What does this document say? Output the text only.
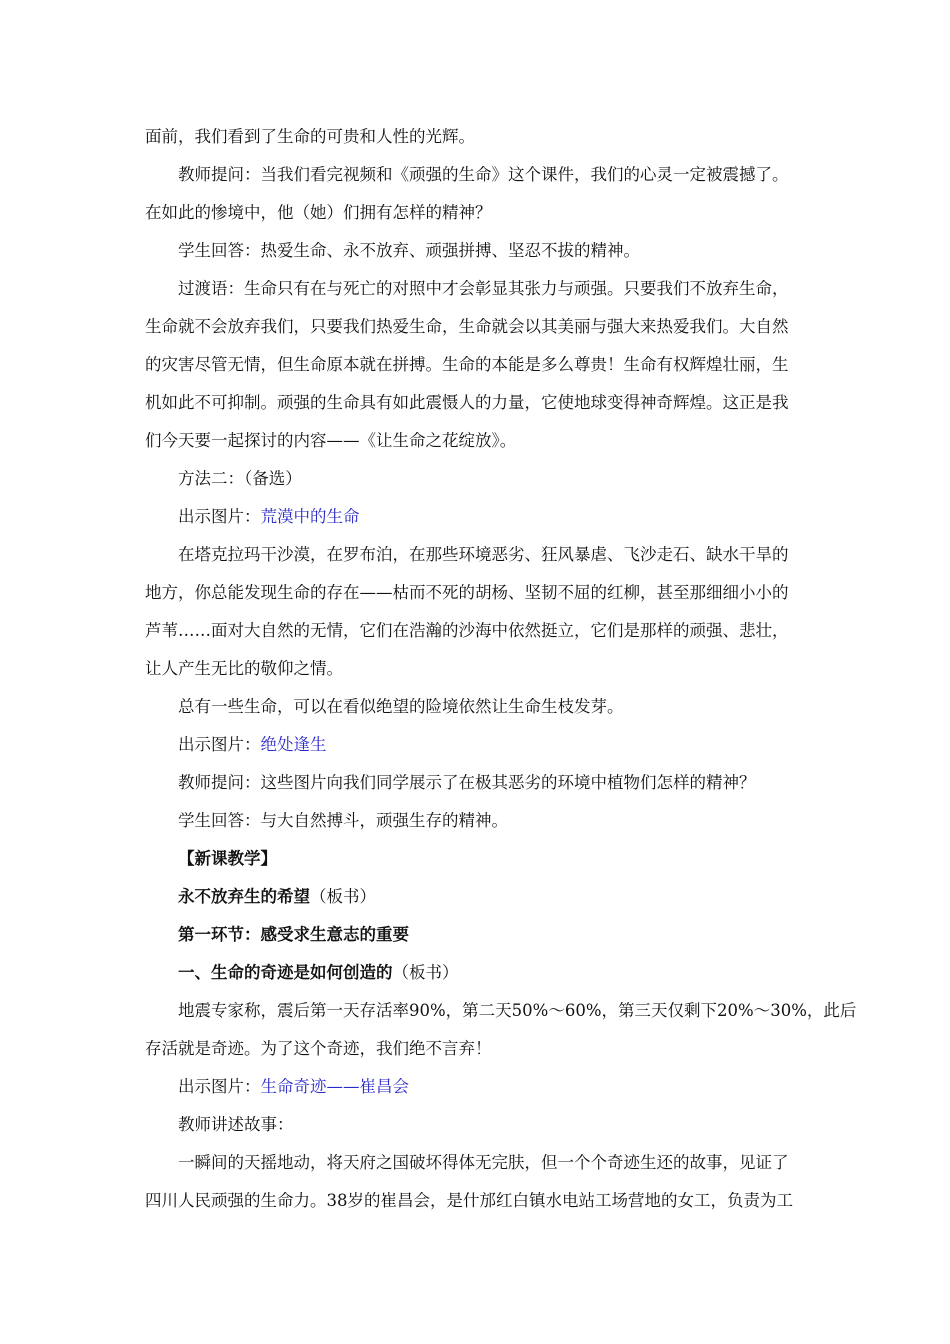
面前，我们看到了生命的可贵和人性的光辉。
教师提问：当我们看完视频和《顽强的生命》这个课件，我们的心灵一定被震撼了。
在如此的惨境中，他（她）们拥有怎样的精神？
学生回答：热爱生命、永不放弃、顽强拼搏、坚忍不拔的精神。
过渡语：生命只有在与死亡的对照中才会彰显其张力与顽强。只要我们不放弃生命，
生命就不会放弃我们，只要我们热爱生命，生命就会以其美丽与强大来热爱我们。大自然
的灾害尽管无情，但生命原本就在拼搏。生命的本能是多么尊贵！生命有权辉煌壮丽，生
机如此不可抑制。顽强的生命具有如此震慑人的力量，它使地球变得神奇辉煌。这正是我
们今天要一起探讨的内容——《让生命之花绽放》。
方法二：（备选）
出示图片：荒漠中的生命
在塔克拉玛干沙漠，在罗布泊，在那些环境恶劣、狂风暴虐、飞沙走石、缺水干旱的
地方，你总能发现生命的存在——枯而不死的胡杨、坚韧不屈的红柳，甚至那细细小小的
芦苇……面对大自然的无情，它们在浩瀚的沙海中依然挺立，它们是那样的顽强、悲壮，
让人产生无比的敬仰之情。
总有一些生命，可以在看似绝望的险境依然让生命生枝发芽。
出示图片：绝处逢生
教师提问：这些图片向我们同学展示了在极其恶劣的环境中植物们怎样的精神？
学生回答：与大自然搏斗，顽强生存的精神。
【新课教学】
永不放弃生的希望（板书）
第一环节：感受求生意志的重要
一、生命的奇迹是如何创造的（板书）
地震专家称，震后第一天存活率90%，第二天50%～60%，第三天仅剩下20%～30%，此后
存活就是奇迹。为了这个奇迹，我们绝不言弃！
出示图片：生命奇迹——崔昌会
教师讲述故事：
一瞬间的天摇地动，将天府之国破坏得体无完肤，但一个个奇迹生还的故事，见证了
四川人民顽强的生命力。38岁的崔昌会，是什邡红白镇水电站工场营地的女工，负责为工
